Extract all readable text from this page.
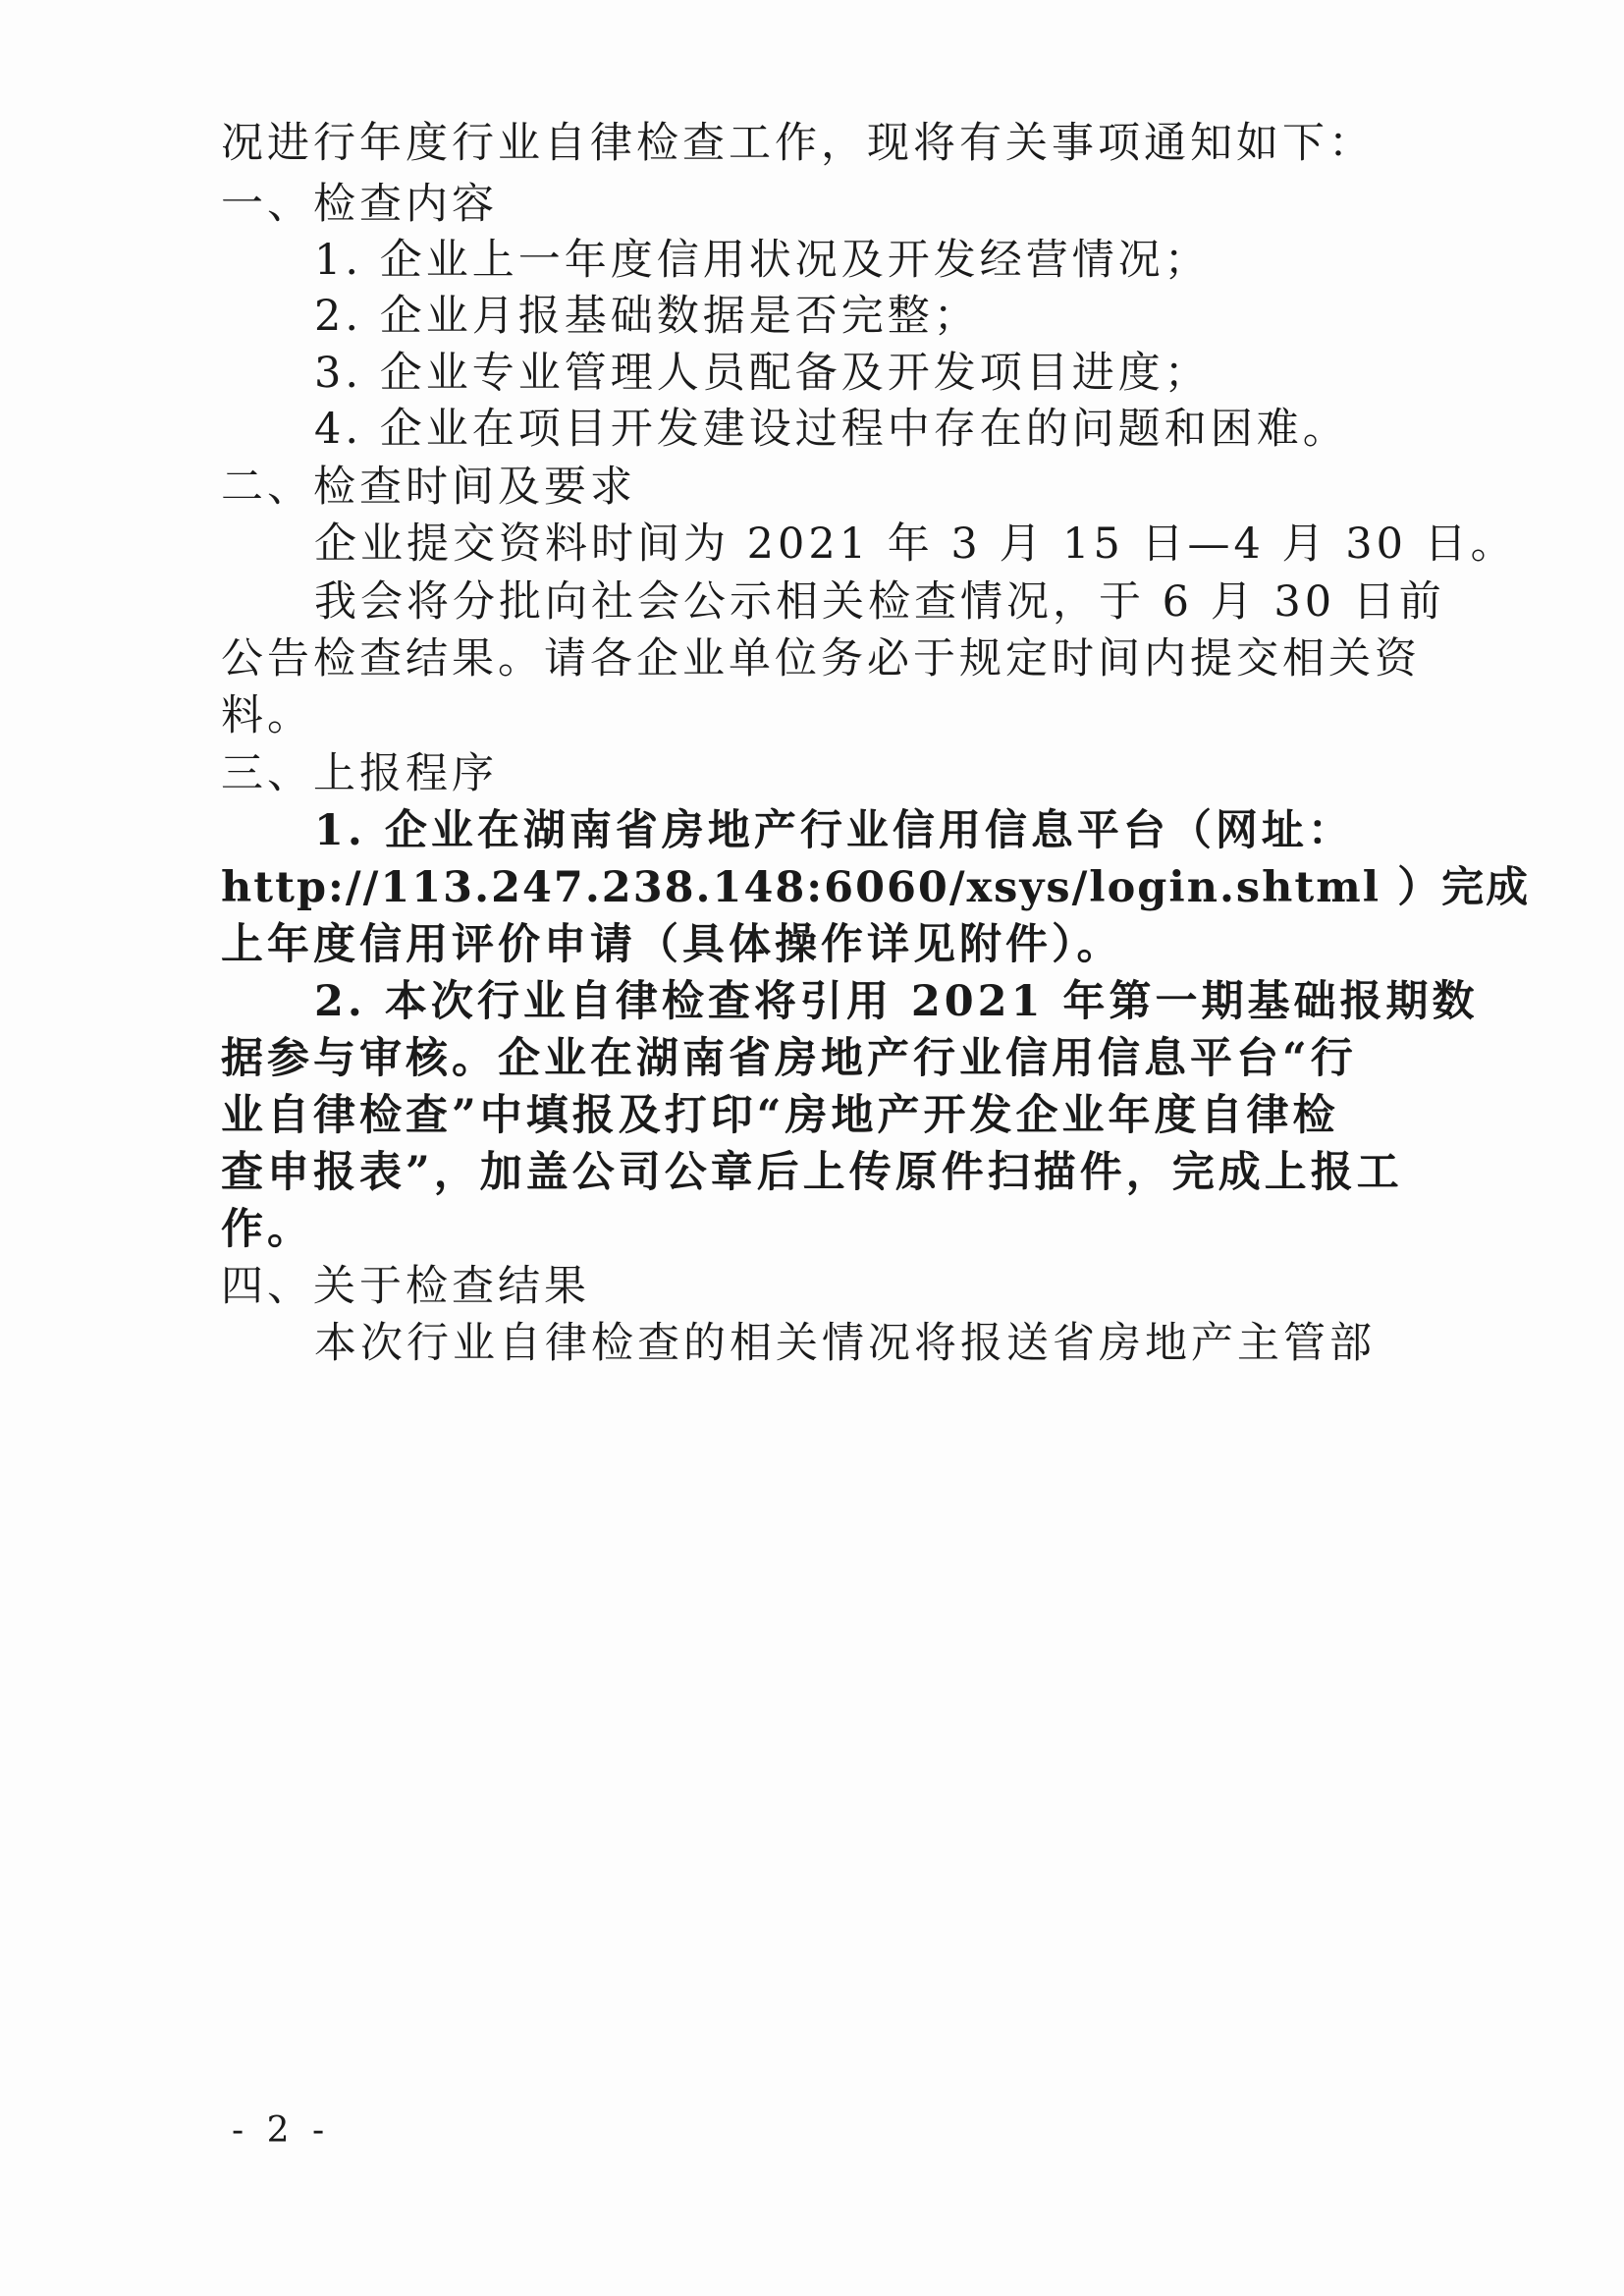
况进行年度行业自律检查工作，现将有关事项通知如下：
一、检查内容
1. 企业上一年度信用状况及开发经营情况；
2. 企业月报基础数据是否完整；
3. 企业专业管理人员配备及开发项目进度；
4. 企业在项目开发建设过程中存在的问题和困难。
二、检查时间及要求
企业提交资料时间为 2021 年 3 月 15 日—4 月 30 日。
我会将分批向社会公示相关检查情况，于 6 月 30 日前
公告检查结果。请各企业单位务必于规定时间内提交相关资
料。
三、上报程序
1. 企业在湖南省房地产行业信用信息平台（网址：
http://113.247.238.148:6060/xsys/login.shtml ）完成
上年度信用评价申请（具体操作详见附件）。
2. 本次行业自律检查将引用 2021 年第一期基础报期数
据参与审核。企业在湖南省房地产行业信用信息平台“行
业自律检查”中填报及打印“房地产开发企业年度自律检
查申报表”，加盖公司公章后上传原件扫描件，完成上报工
作。
四、关于检查结果
本次行业自律检查的相关情况将报送省房地产主管部
- 2 -
